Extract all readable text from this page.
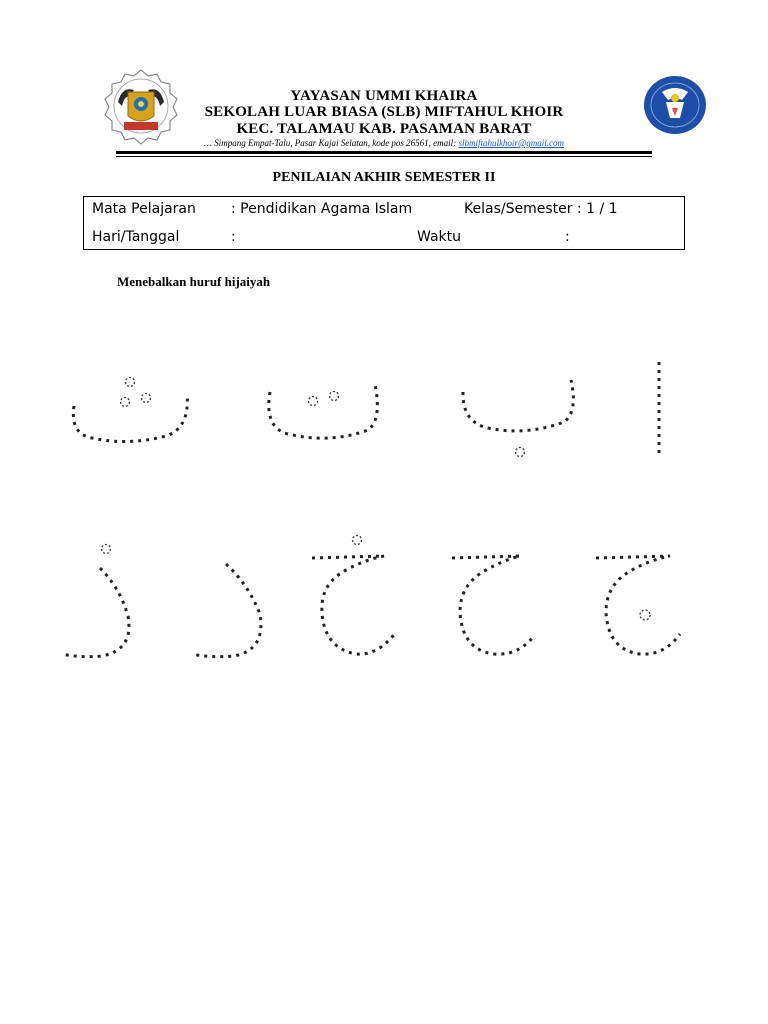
YAYASAN UMMI KHAIRA
SEKOLAH LUAR BIASA (SLB) MIFTAHUL KHOIR
KEC. TALAMAU KAB. PASAMAN BARAT
… Simpang Empat-Talu, Pasar Kajai Selatan, kode pos 26561, email: slbmiftahulkhoir@gmail.com
PENILAIAN AKHIR SEMESTER II
Mata Pelajaran	: Pendidikan Agama Islam	Kelas/Semester : 1 / 1
Hari/Tanggal	:	Waktu	:
Menebalkan huruf hijaiyah
